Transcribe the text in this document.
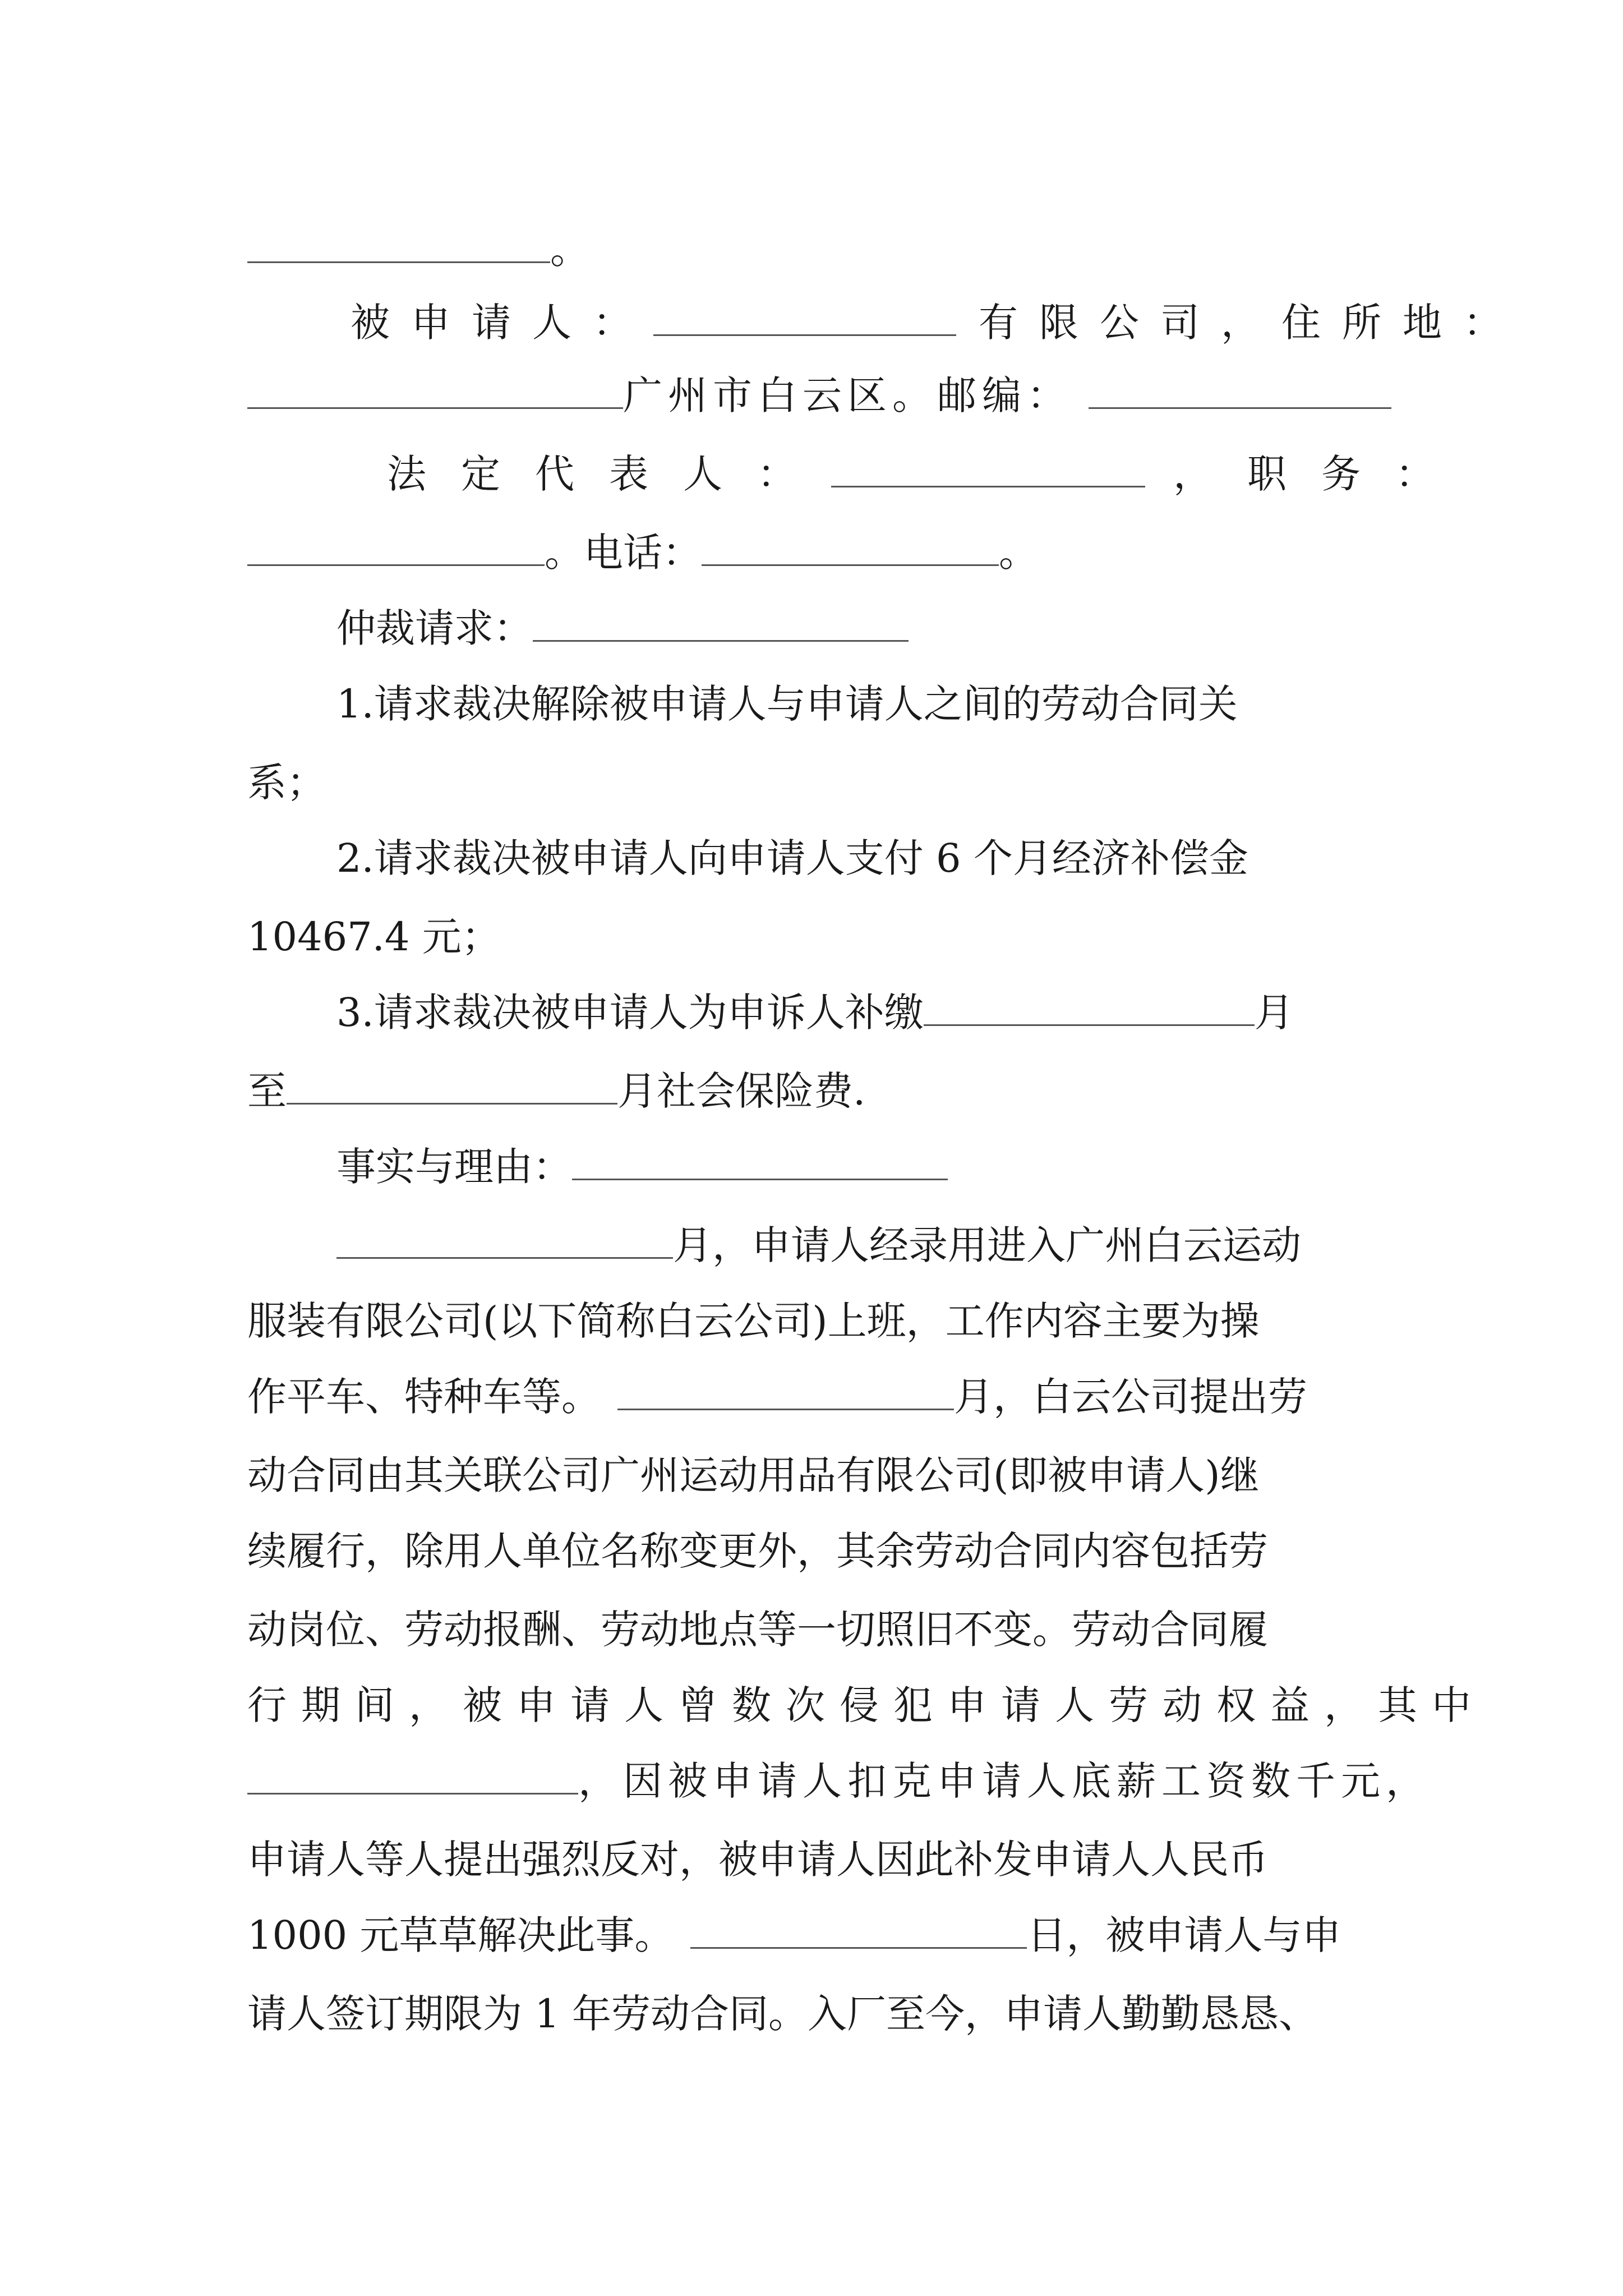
。
被申请人：	有限公司，住所地：
广州市白云区。邮编：
法定代表人：	，职务：
。电话：	。
仲裁请求：
1.请求裁决解除被申请人与申请人之间的劳动合同关
系；
2.请求裁决被申请人向申请人支付 6 个月经济补偿金
10467.4 元；
3.请求裁决被申请人为申诉人补缴	月
至	月社会保险费.
事实与理由：
月，申请人经录用进入广州白云运动
服装有限公司(以下简称白云公司)上班，工作内容主要为操
作平车、特种车等。	月，白云公司提出劳
动合同由其关联公司广州运动用品有限公司(即被申请人)继
续履行，除用人单位名称变更外，其余劳动合同内容包括劳
动岗位、劳动报酬、劳动地点等一切照旧不变。劳动合同履
行期间，被申请人曾数次侵犯申请人劳动权益，其中
，因被申请人扣克申请人底薪工资数千元，
申请人等人提出强烈反对，被申请人因此补发申请人人民币
1000 元草草解决此事。	日，被申请人与申
请人签订期限为 1 年劳动合同。入厂至今，申请人勤勤恳恳、
